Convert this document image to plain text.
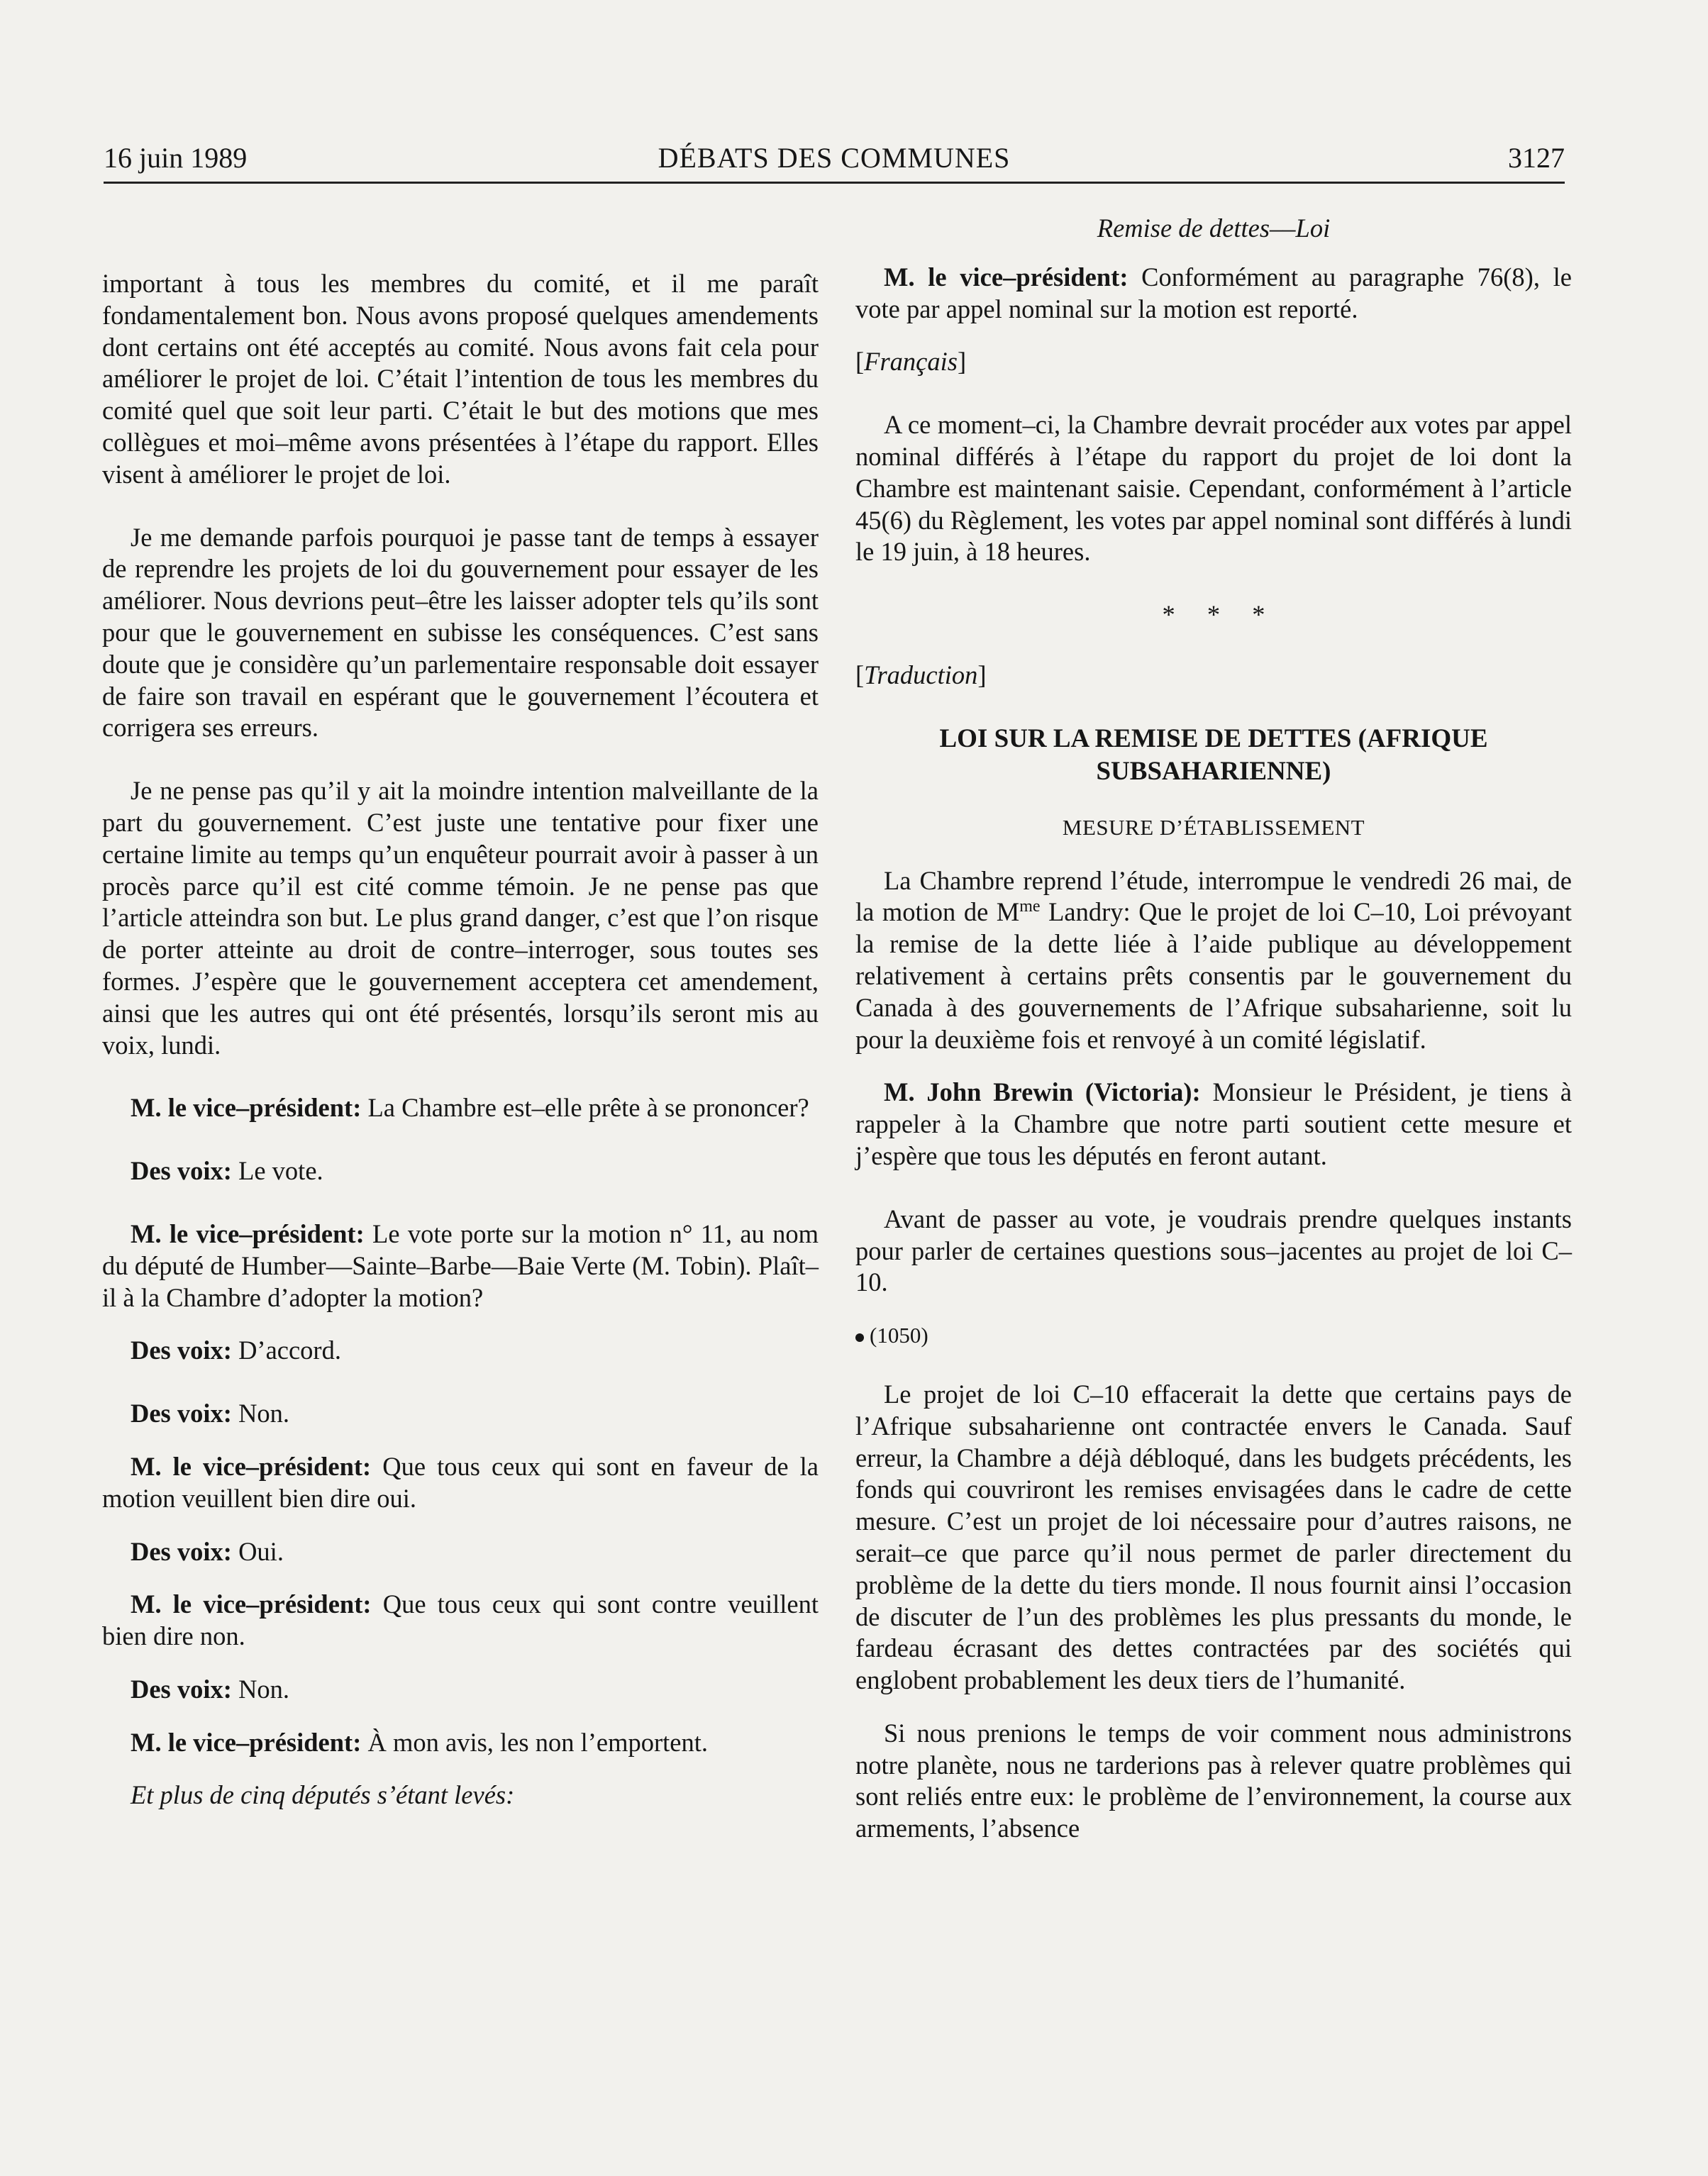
16 juin 1989	DÉBATS DES COMMUNES	3127

important à tous les membres du comité, et il me paraît fondamentalement bon. Nous avons proposé quelques amendements dont certains ont été acceptés au comité. Nous avons fait cela pour améliorer le projet de loi. C’était l’intention de tous les membres du comité quel que soit leur parti. C’était le but des motions que mes collègues et moi–même avons présentées à l’étape du rapport. Elles visent à améliorer le projet de loi.

Je me demande parfois pourquoi je passe tant de temps à essayer de reprendre les projets de loi du gouvernement pour essayer de les améliorer. Nous devrions peut–être les laisser adopter tels qu’ils sont pour que le gouvernement en subisse les conséquences. C’est sans doute que je considère qu’un parlementaire responsable doit essayer de faire son travail en espérant que le gouvernement l’écoutera et corrigera ses erreurs.

Je ne pense pas qu’il y ait la moindre intention malveillante de la part du gouvernement. C’est juste une tentative pour fixer une certaine limite au temps qu’un enquêteur pourrait avoir à passer à un procès parce qu’il est cité comme témoin. Je ne pense pas que l’article atteindra son but. Le plus grand danger, c’est que l’on risque de porter atteinte au droit de contre–interroger, sous toutes ses formes. J’espère que le gouvernement acceptera cet amendement, ainsi que les autres qui ont été présentés, lorsqu’ils seront mis au voix, lundi.

M. le vice–président: La Chambre est–elle prête à se prononcer?

Des voix: Le vote.

M. le vice–président: Le vote porte sur la motion n° 11, au nom du député de Humber—Sainte–Barbe—Baie Verte (M. Tobin). Plaît–il à la Chambre d’adopter la motion?

Des voix: D’accord.

Des voix: Non.

M. le vice–président: Que tous ceux qui sont en faveur de la motion veuillent bien dire oui.

Des voix: Oui.

M. le vice–président: Que tous ceux qui sont contre veuillent bien dire non.

Des voix: Non.

M. le vice–président: À mon avis, les non l’emportent.

Et plus de cinq députés s’étant levés:

Remise de dettes––Loi

M. le vice–président: Conformément au paragraphe 76(8), le vote par appel nominal sur la motion est reporté.

[Français]

A ce moment–ci, la Chambre devrait procéder aux votes par appel nominal différés à l’étape du rapport du projet de loi dont la Chambre est maintenant saisie. Cependant, conformément à l’article 45(6) du Règlement, les votes par appel nominal sont différés à lundi le 19 juin, à 18 heures.

* * *
[Traduction]
LOI SUR LA REMISE DE DETTES (AFRIQUE
SUBSAHARIENNE)
MESURE D’ÉTABLISSEMENT

La Chambre reprend l’étude, interrompue le vendredi 26 mai, de la motion de $M^{me}$ Landry: Que le projet de loi C–10, Loi prévoyant la remise de la dette liée à l’aide publique au développement relativement à certains prêts consentis par le gouvernement du Canada à des gouvernements de l’Afrique subsaharienne, soit lu pour la deuxième fois et renvoyé à un comité législatif.

M. John Brewin (Victoria): Monsieur le Président, je tiens à rappeler à la Chambre que notre parti soutient cette mesure et j’espère que tous les députés en feront autant.

Avant de passer au vote, je voudrais prendre quelques instants pour parler de certaines questions sous–jacentes au projet de loi C–10.

(1050)

Le projet de loi C–10 effacerait la dette que certains pays de l’Afrique subsaharienne ont contractée envers le Canada. Sauf erreur, la Chambre a déjà débloqué, dans les budgets précédents, les fonds qui couvriront les remises envisagées dans le cadre de cette mesure. C’est un projet de loi nécessaire pour d’autres raisons, ne serait–ce que parce qu’il nous permet de parler directement du problème de la dette du tiers monde. Il nous fournit ainsi l’occasion de discuter de l’un des problèmes les plus pressants du monde, le fardeau écrasant des dettes contractées par des sociétés qui englobent probablement les deux tiers de l’humanité.

Si nous prenions le temps de voir comment nous administrons notre planète, nous ne tarderions pas à relever quatre problèmes qui sont reliés entre eux: le problème de l’environnement, la course aux armements, l’absence
